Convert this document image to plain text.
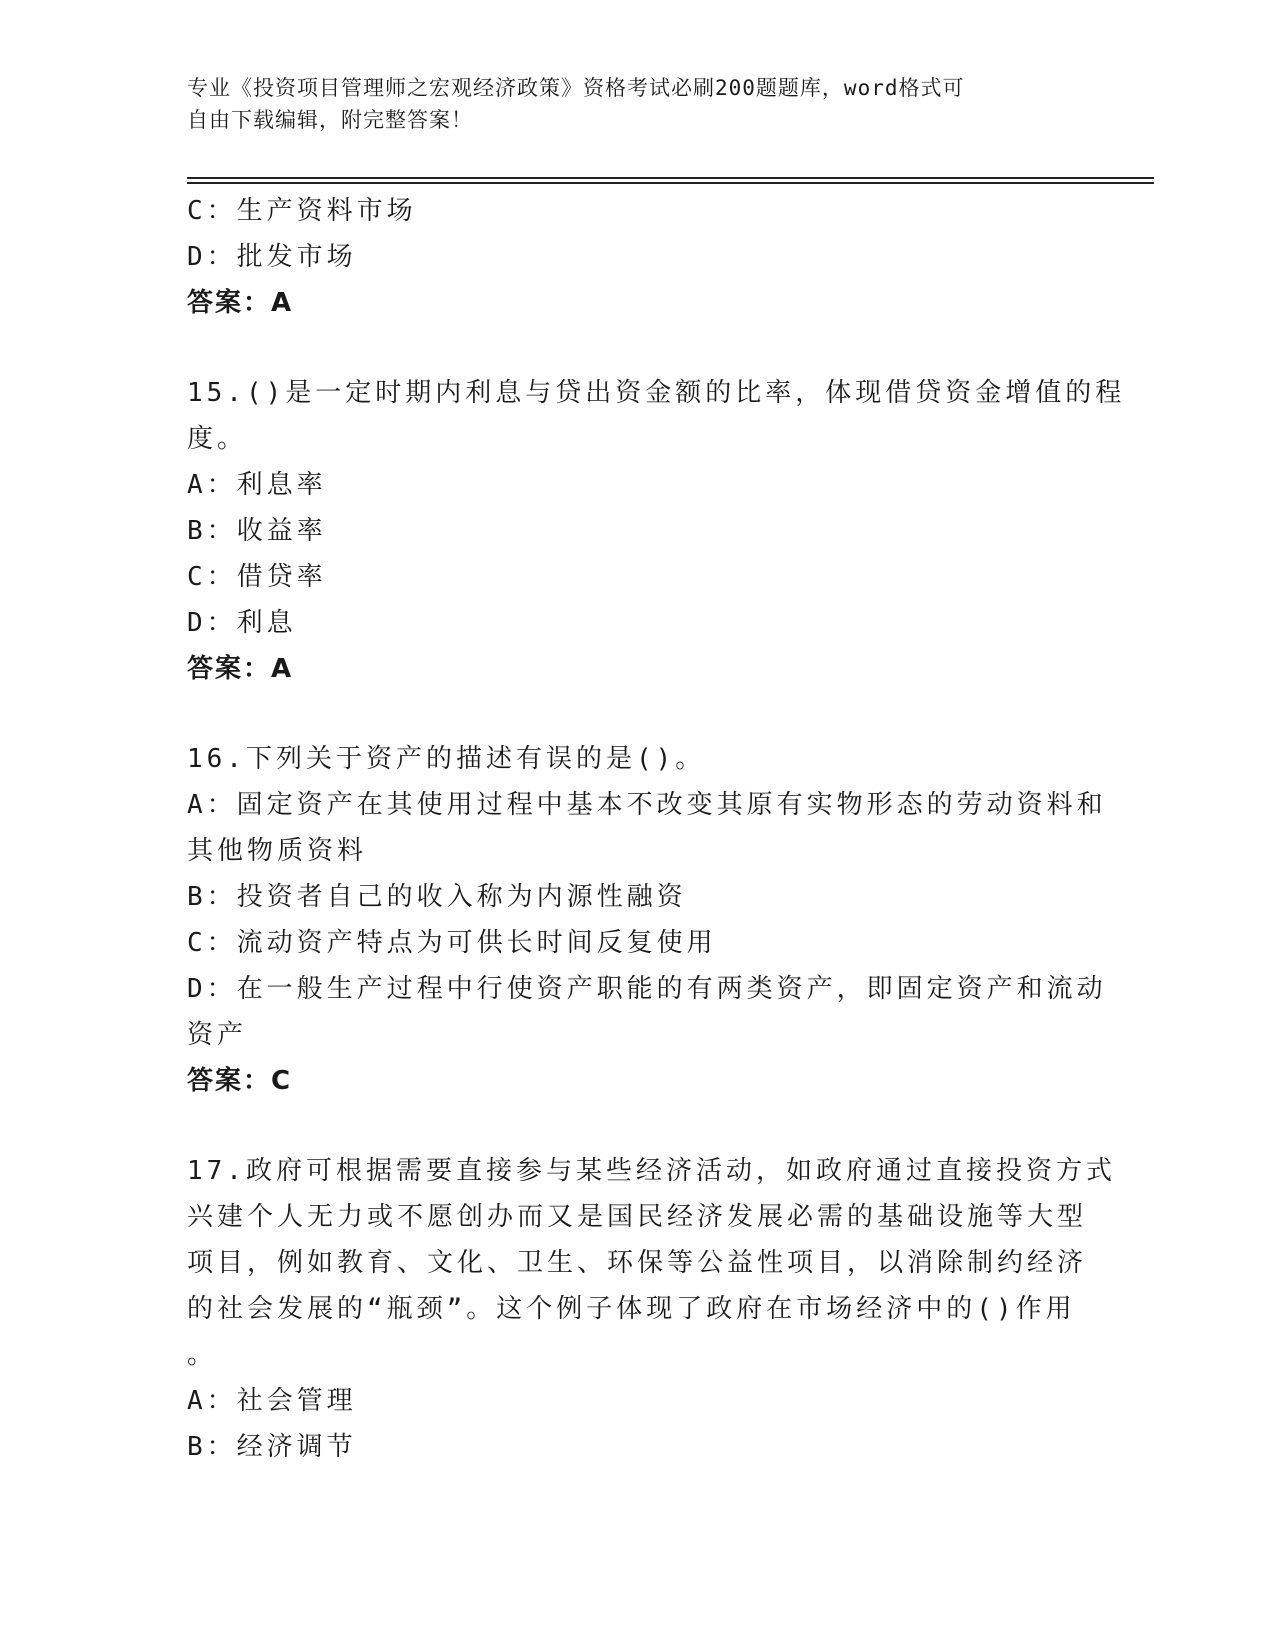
专业《投资项目管理师之宏观经济政策》资格考试必刷200题题库，word格式可
自由下载编辑，附完整答案！
C：生产资料市场
D：批发市场
答案：A
15.()是一定时期内利息与贷出资金额的比率，体现借贷资金增值的程
度。
A：利息率
B：收益率
C：借贷率
D：利息
答案：A
16.下列关于资产的描述有误的是()。
A：固定资产在其使用过程中基本不改变其原有实物形态的劳动资料和
其他物质资料
B：投资者自己的收入称为内源性融资
C：流动资产特点为可供长时间反复使用
D：在一般生产过程中行使资产职能的有两类资产，即固定资产和流动
资产
答案：C
17.政府可根据需要直接参与某些经济活动，如政府通过直接投资方式
兴建个人无力或不愿创办而又是国民经济发展必需的基础设施等大型
项目，例如教育、文化、卫生、环保等公益性项目，以消除制约经济
的社会发展的“瓶颈”。这个例子体现了政府在市场经济中的()作用
。
A：社会管理
B：经济调节
